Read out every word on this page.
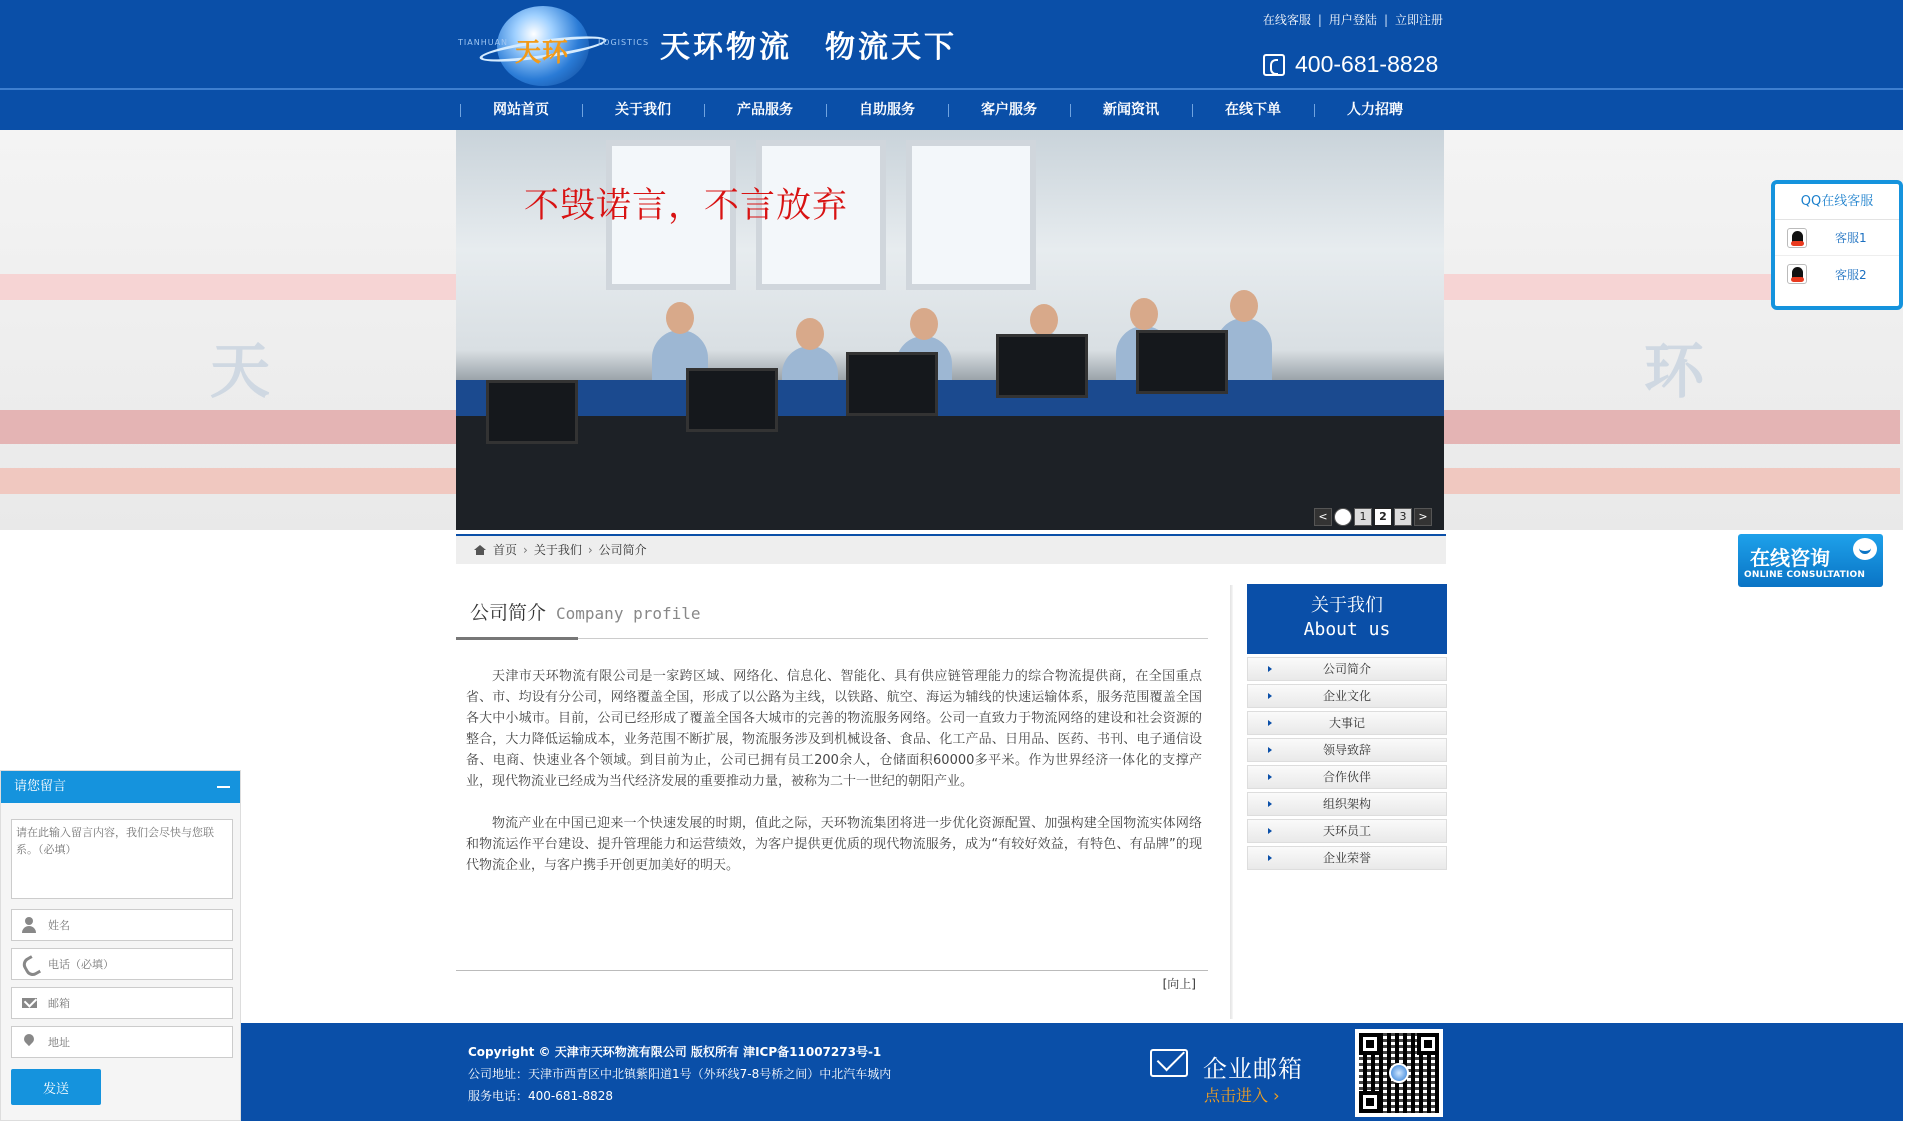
天环
TIANHUAN	LOGISTICS 天环物流　物流天下
在线客服 | 用户登陆 | 立即注册
400-681-8828
网站首页	关于我们	产品服务	自助服务	客户服务	新闻资讯	在线下单	人力招聘
天	环
不毁诺言，不言放弃
<	1	2	3	>
首页 › 关于我们 › 公司简介
公司简介 Company profile

天津市天环物流有限公司是一家跨区域、网络化、信息化、智能化、具有供应链管理能力的综合物流提供商，在全国重点省、市、均设有分公司，网络覆盖全国，形成了以公路为主线，以铁路、航空、海运为辅线的快速运输体系，服务范围覆盖全国各大中小城市。目前，公司已经形成了覆盖全国各大城市的完善的物流服务网络。公司一直致力于物流网络的建设和社会资源的整合，大力降低运输成本，业务范围不断扩展，物流服务涉及到机械设备、食品、化工产品、日用品、医药、书刊、电子通信设备、电商、快速业各个领域。到目前为止，公司已拥有员工200余人，仓储面积60000多平米。作为世界经济一体化的支撑产业，现代物流业已经成为当代经济发展的重要推动力量，被称为二十一世纪的朝阳产业。

物流产业在中国已迎来一个快速发展的时期，值此之际，天环物流集团将进一步优化资源配置、加强构建全国物流实体网络和物流运作平台建设、提升管理能力和运营绩效，为客户提供更优质的现代物流服务，成为“有较好效益，有特色、有品牌”的现代物流企业，与客户携手开创更加美好的明天。

[向上]
关于我们
About us
公司简介
企业文化
大事记
领导致辞
合作伙伴
组织架构
天环员工
企业荣誉
Copyright © 天津市天环物流有限公司 版权所有 津ICP备11007273号-1
公司地址：天津市西青区中北镇紫阳道1号（外环线7-8号桥之间）中北汽车城内
服务电话：400-681-8828
企业邮箱
点击进入 ›
QQ在线客服
客服1
客服2
在线咨询
ONLINE CONSULTATION
请您留言
请在此输入留言内容，我们会尽快与您联系。（必填）
姓名
电话（必填）
邮箱
地址
发送
